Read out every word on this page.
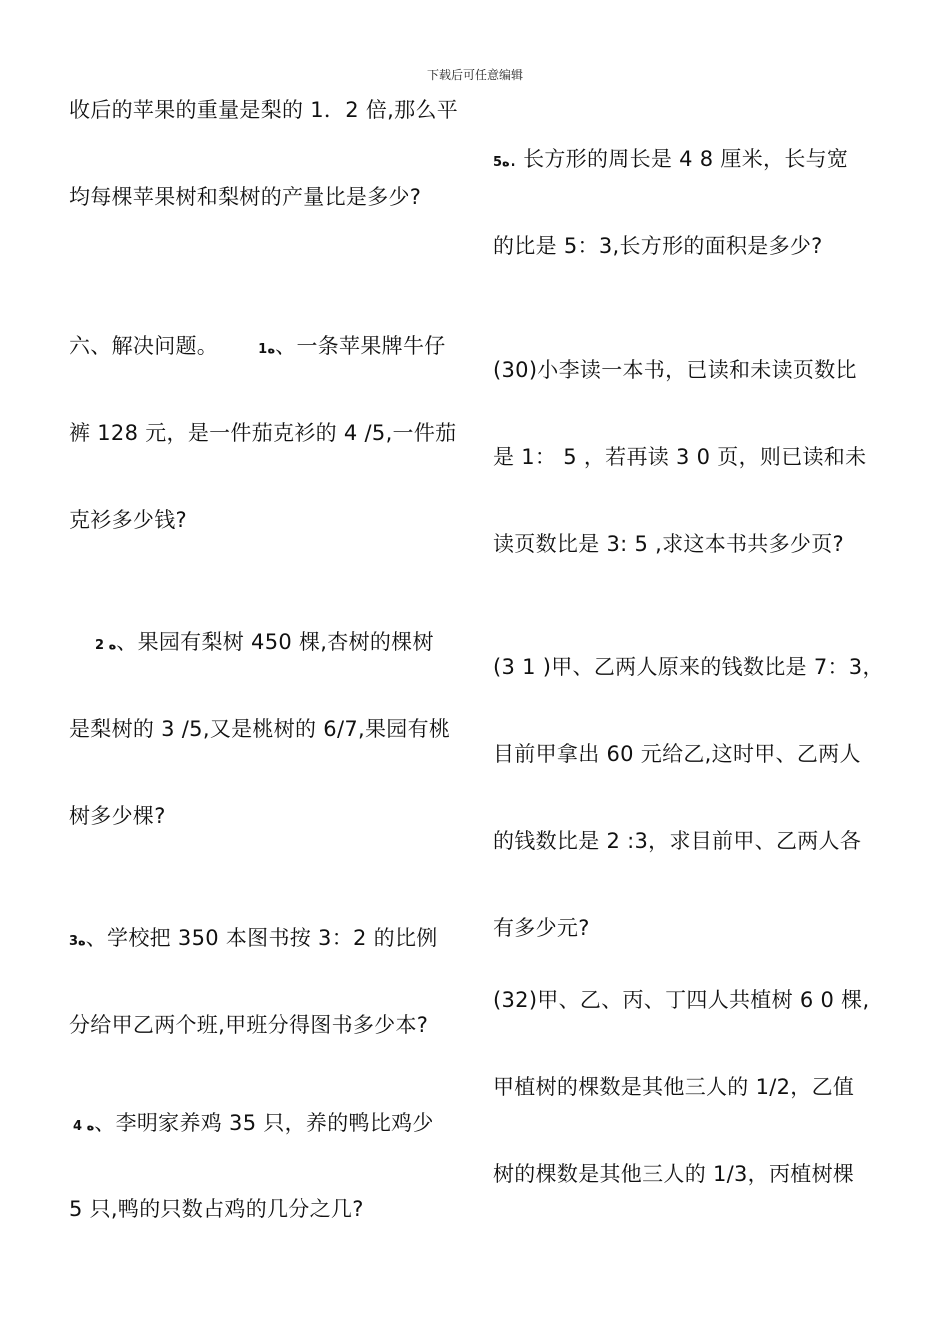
下载后可任意编辑
收后的苹果的重量是梨的 1．2 倍,那么平
均每棵苹果树和梨树的产量比是多少?
六、解决问题。	1ه、一条苹果牌牛仔
裤 128 元，是一件茄克衫的 4 /5,一件茄
克衫多少钱?
2 ه、果园有梨树 450 棵,杏树的棵树
是梨树的 3 /5,又是桃树的 6/7,果园有桃
树多少棵?
3ه、学校把 350 本图书按 3：2 的比例
分给甲乙两个班,甲班分得图书多少本?
4 ه、李明家养鸡 35 只，养的鸭比鸡少
5 只,鸭的只数占鸡的几分之几?
5ه. 长方形的周长是 4 8 厘米，长与宽
的比是 5：3,长方形的面积是多少?
(30)小李读一本书，已读和未读页数比
是 1： 5 ，若再读 3 0 页，则已读和未
读页数比是 3: 5 ,求这本书共多少页?
(3 1 )甲、乙两人原来的钱数比是 7：3，
目前甲拿出 60 元给乙,这时甲、乙两人
的钱数比是 2 :3，求目前甲、乙两人各
有多少元?
(32)甲、乙、丙、丁四人共植树 6 0 棵,
甲植树的棵数是其他三人的 1/2，乙值
树的棵数是其他三人的 1/3，丙植树棵
